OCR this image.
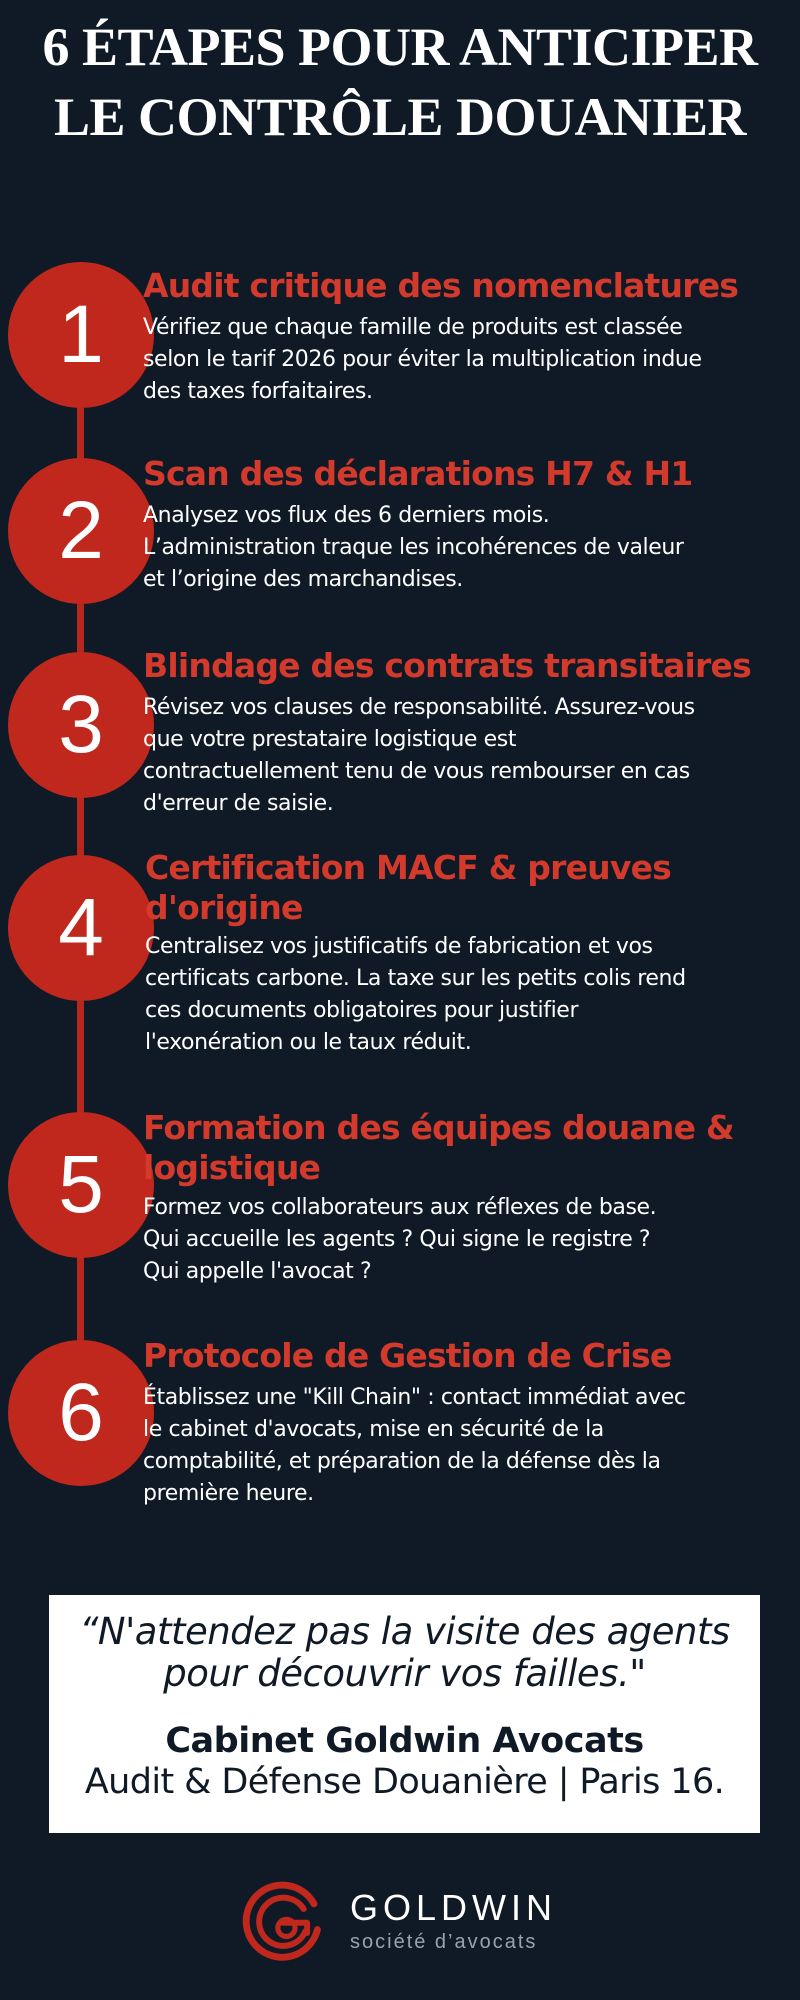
6 ÉTAPES POUR ANTICIPER
LE CONTRÔLE DOUANIER
1
Audit critique des nomenclatures
Vérifiez que chaque famille de produits est classée
selon le tarif 2026 pour éviter la multiplication indue
des taxes forfaitaires.
2
Scan des déclarations H7 & H1
Analysez vos flux des 6 derniers mois.
L’administration traque les incohérences de valeur
et l’origine des marchandises.
3
Blindage des contrats transitaires
Révisez vos clauses de responsabilité. Assurez-vous
que votre prestataire logistique est
contractuellement tenu de vous rembourser en cas
d'erreur de saisie.
4
Certification MACF & preuves
d'origine
Centralisez vos justificatifs de fabrication et vos
certificats carbone. La taxe sur les petits colis rend
ces documents obligatoires pour justifier
l'exonération ou le taux réduit.
5
Formation des équipes douane &
logistique
Formez vos collaborateurs aux réflexes de base.
Qui accueille les agents ? Qui signe le registre ?
Qui appelle l'avocat ?
6
Protocole de Gestion de Crise
Établissez une "Kill Chain" : contact immédiat avec
le cabinet d'avocats, mise en sécurité de la
comptabilité, et préparation de la défense dès la
première heure.
“N'attendez pas la visite des agents
pour découvrir vos failles."
Cabinet Goldwin Avocats
Audit & Défense Douanière | Paris 16.
GOLDWIN
société d’avocats
